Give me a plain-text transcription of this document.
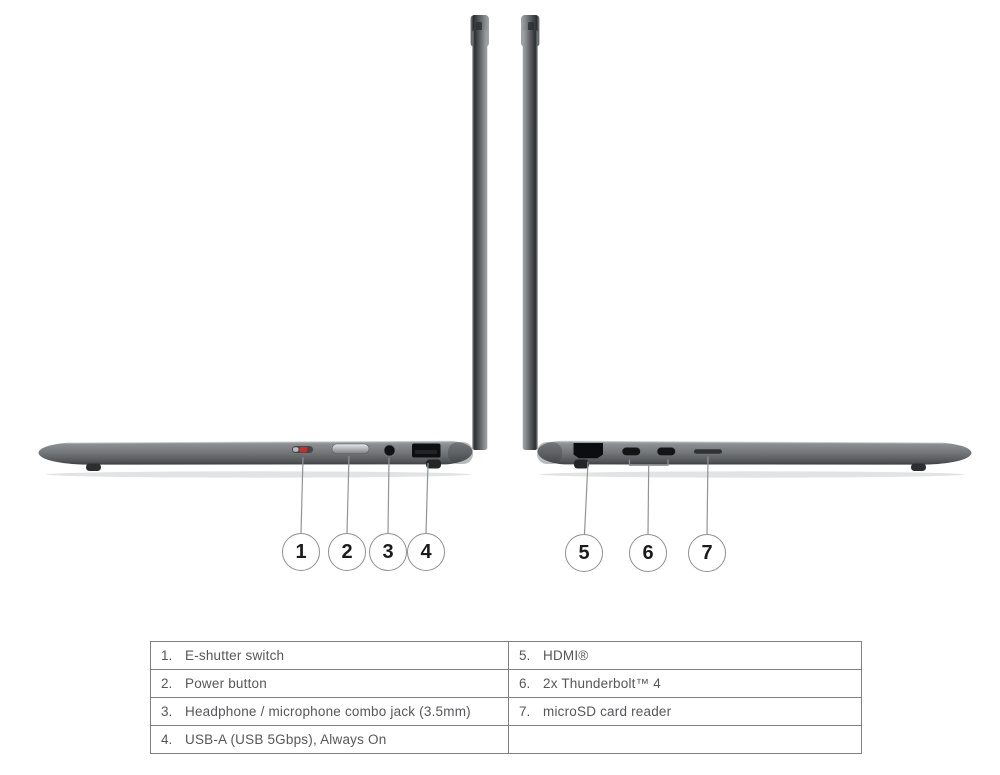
1 2 3 4	5	6 7
1. E-shutter switch	5. HDMI®
2. Power button	6. 2x Thunderbolt™ 4
3. Headphone / microphone combo jack (3.5mm)	7. microSD card reader
4. USB-A (USB 5Gbps), Always On	
